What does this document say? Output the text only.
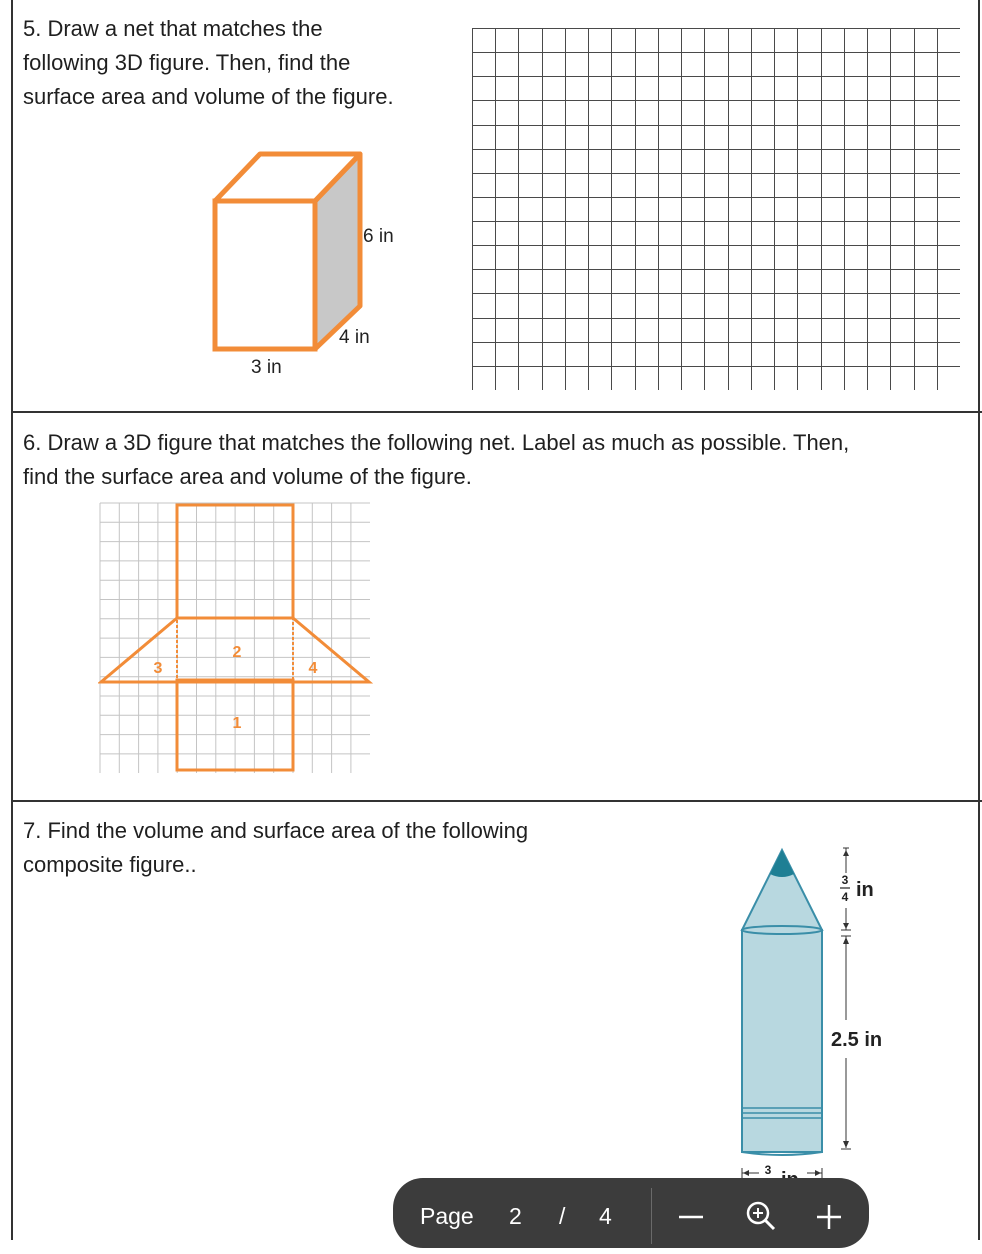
5. Draw a net that matches the
following 3D figure. Then, find the
surface area and volume of the figure.
6 in
4 in
3 in
6. Draw a 3D figure that matches the following net. Label as much as possible. Then,
find the surface area and volume of the figure.
2
1
3	4
7. Find the volume and surface area of the following
composite figure..
3
4 in
2.5 in
3
Page 2 / 4
